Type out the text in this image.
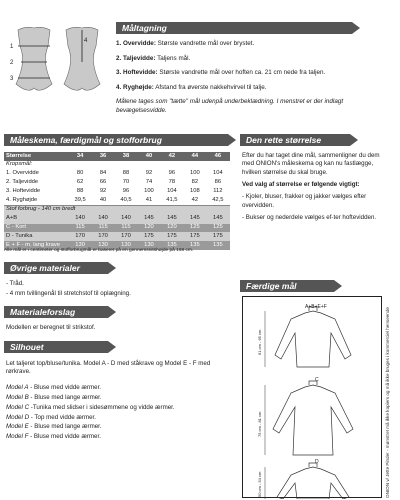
1
2
3
4
Måltagning

1. Overvidde: Største vandrette mål over brystet.

2. Taljevidde: Taljens mål.

3. Hoftevidde: Største vandrette mål over hoften ca. 21 cm nede fra taljen.

4. Ryghøjde: Afstand fra øverste nakkehvirvel til talje.

Målene tages som "tætte" mål udenpå underbeklædning. I menstret er der indlagt bevægelsesvidde.

Måleskema, færdigmål og stofforbrug
Størrelse	34	36	38	40	42	44	46
Kropsmål:							
1. Overvidde	80	84	88	92	96	100	104
2. Taljevidde	62	66	70	74	78	82	86
3. Hoftevidde	88	92	96	100	104	108	112
4. Ryghøjde	39,5	40	40,5	41	41,5	42	42,5
Stof forbrug - 140 cm bredt							
A+B	140	140	140	145	145	145	145
C - Kort	115	115	115	120	120	125	125
D - Tunika	170	170	170	175	175	175	175
E + F - m. lang krave	130	130	130	130	135	135	135
Alle mål er i centimeter og stofforbrugmål er baseret på en gennemsnitshøjde på 168 cm.
Øvrige materialer

- Tråd.

- 4 mm tvillingenål til stretchstof til oplægning.

Materialeforslag
Modellen er beregnet til strikstof.
Silhouet
Let taljeret top/bluse/tunika. Model A - D med ståkrave og Model E - F med rørkrave.

Model A - Bluse med vidde ærmer.

Model B - Bluse med lange ærmer.

Model C -Tunika med slidser i sidesømmene og vidde ærmer.

Model D - Top med vidde ærmer.

Model E - Bluse med lange ærmer.

Model F - Bluse med vidde ærmer.

Den rette størrelse

Efter du har taget dine mål, sammenligner du dem med ONION's måleskema og kan nu fastlægge, hvilken størrelse du skal bruge.

Ved valg af størrelse er følgende vigtigt:

- Kjoler, bluser, frakker og jakker vælges efter overvidden.

- Bukser og nederdele vælges ef-ter hoftevidden.

Færdige mål
A+B+E+F
C
D
61 cm - 65 cm
75 cm - 81 cm
50 cm - 54 cm	ONION v/ Jette Pinder - mønstret må ikke kopiers og må ikke bruges i kommerciel henseende
